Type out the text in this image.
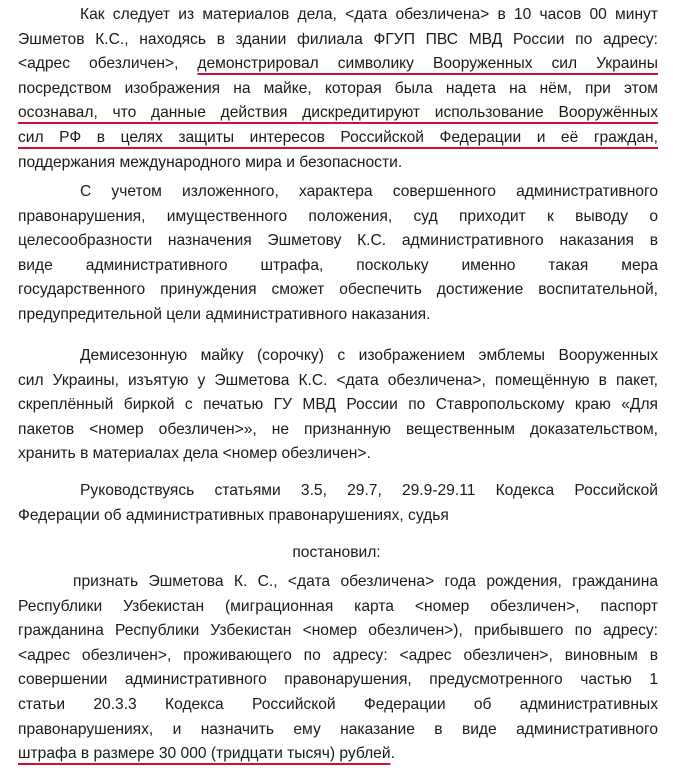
Как следует из материалов дела, <дата обезличена> в 10 часов 00 минут
Эшметов К.С., находясь в здании филиала ФГУП ПВС МВД России по адресу:
<адрес обезличен>, демонстрировал символику Вооруженных сил Украины
посредством изображения на майке, которая была надета на нём, при этом
осознавал, что данные действия дискредитируют использование Вооружённых
сил РФ в целях защиты интересов Российской Федерации и её граждан,
поддержания международного мира и безопасности.
С учетом изложенного, характера совершенного административного
правонарушения, имущественного положения, суд приходит к выводу о
целесообразности назначения Эшметову К.С. административного наказания в
виде административного штрафа, поскольку именно такая мера
государственного принуждения сможет обеспечить достижение воспитательной,
предупредительной цели административного наказания.
Демисезонную майку (сорочку) с изображением эмблемы Вооруженных
сил Украины, изъятую у Эшметова К.С. <дата обезличена>, помещённую в пакет,
скреплённый биркой с печатью ГУ МВД России по Ставропольскому краю «Для
пакетов <номер обезличен>», не признанную вещественным доказательством,
хранить в материалах дела <номер обезличен>.
Руководствуясь статьями 3.5, 29.7, 29.9-29.11 Кодекса Российской
Федерации об административных правонарушениях, судья
постановил:
признать Эшметова К. С., <дата обезличена> года рождения, гражданина
Республики Узбекистан (миграционная карта <номер обезличен>, паспорт
гражданина Республики Узбекистан <номер обезличен>), прибывшего по адресу:
<адрес обезличен>, проживающего по адресу: <адрес обезличен>, виновным в
совершении административного правонарушения, предусмотренного частью 1
статьи 20.3.3 Кодекса Российской Федерации об административных
правонарушениях, и назначить ему наказание в виде административного
штрафа в размере 30 000 (тридцати тысяч) рублей.
